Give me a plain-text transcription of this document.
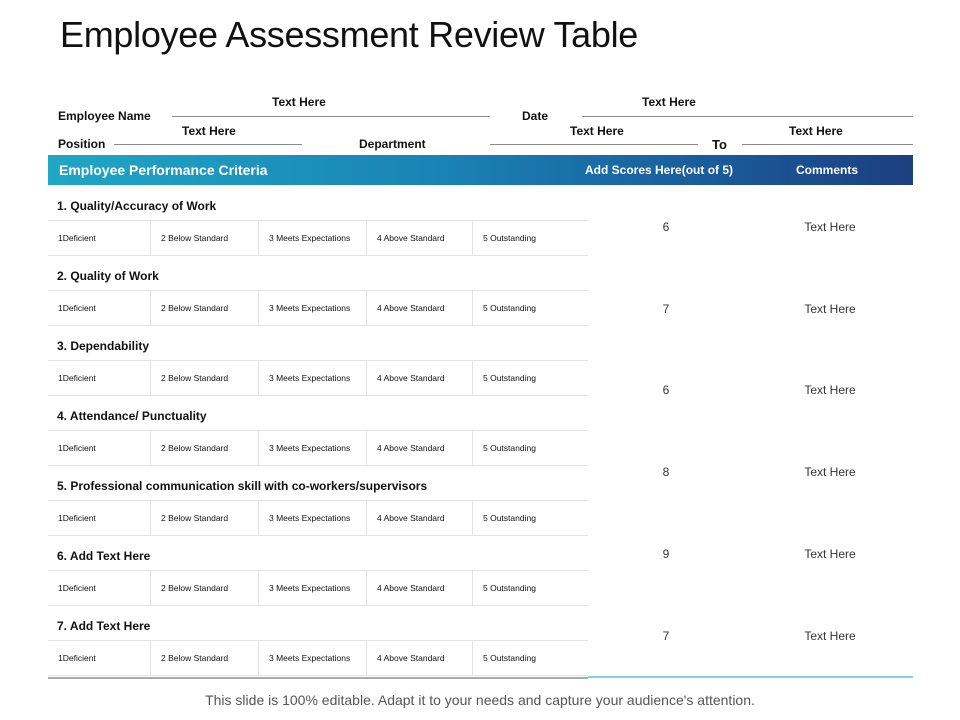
Employee Assessment Review Table
Employee Name
Text Here
Date
Text Here
Position
Text Here
Department
Text Here
To
Text Here
Employee Performance Criteria	Add Scores Here(out of 5)	Comments
1. Quality/Accuracy of Work
1Deficient	2 Below Standard	3 Meets Expectations	4 Above Standard	5 Outstanding
2. Quality of Work
1Deficient	2 Below Standard	3 Meets Expectations	4 Above Standard	5 Outstanding
3. Dependability
1Deficient	2 Below Standard	3 Meets Expectations	4 Above Standard	5 Outstanding
4. Attendance/ Punctuality
1Deficient	2 Below Standard	3 Meets Expectations	4 Above Standard	5 Outstanding
5. Professional communication skill with co-workers/supervisors
1Deficient	2 Below Standard	3 Meets Expectations	4 Above Standard	5 Outstanding
6. Add Text Here
1Deficient	2 Below Standard	3 Meets Expectations	4 Above Standard	5 Outstanding
7. Add Text Here
1Deficient	2 Below Standard	3 Meets Expectations	4 Above Standard	5 Outstanding
6	Text Here
7	Text Here
6	Text Here
8	Text Here
9	Text Here
7	Text Here
This slide is 100% editable. Adapt it to your needs and capture your audience's attention.
